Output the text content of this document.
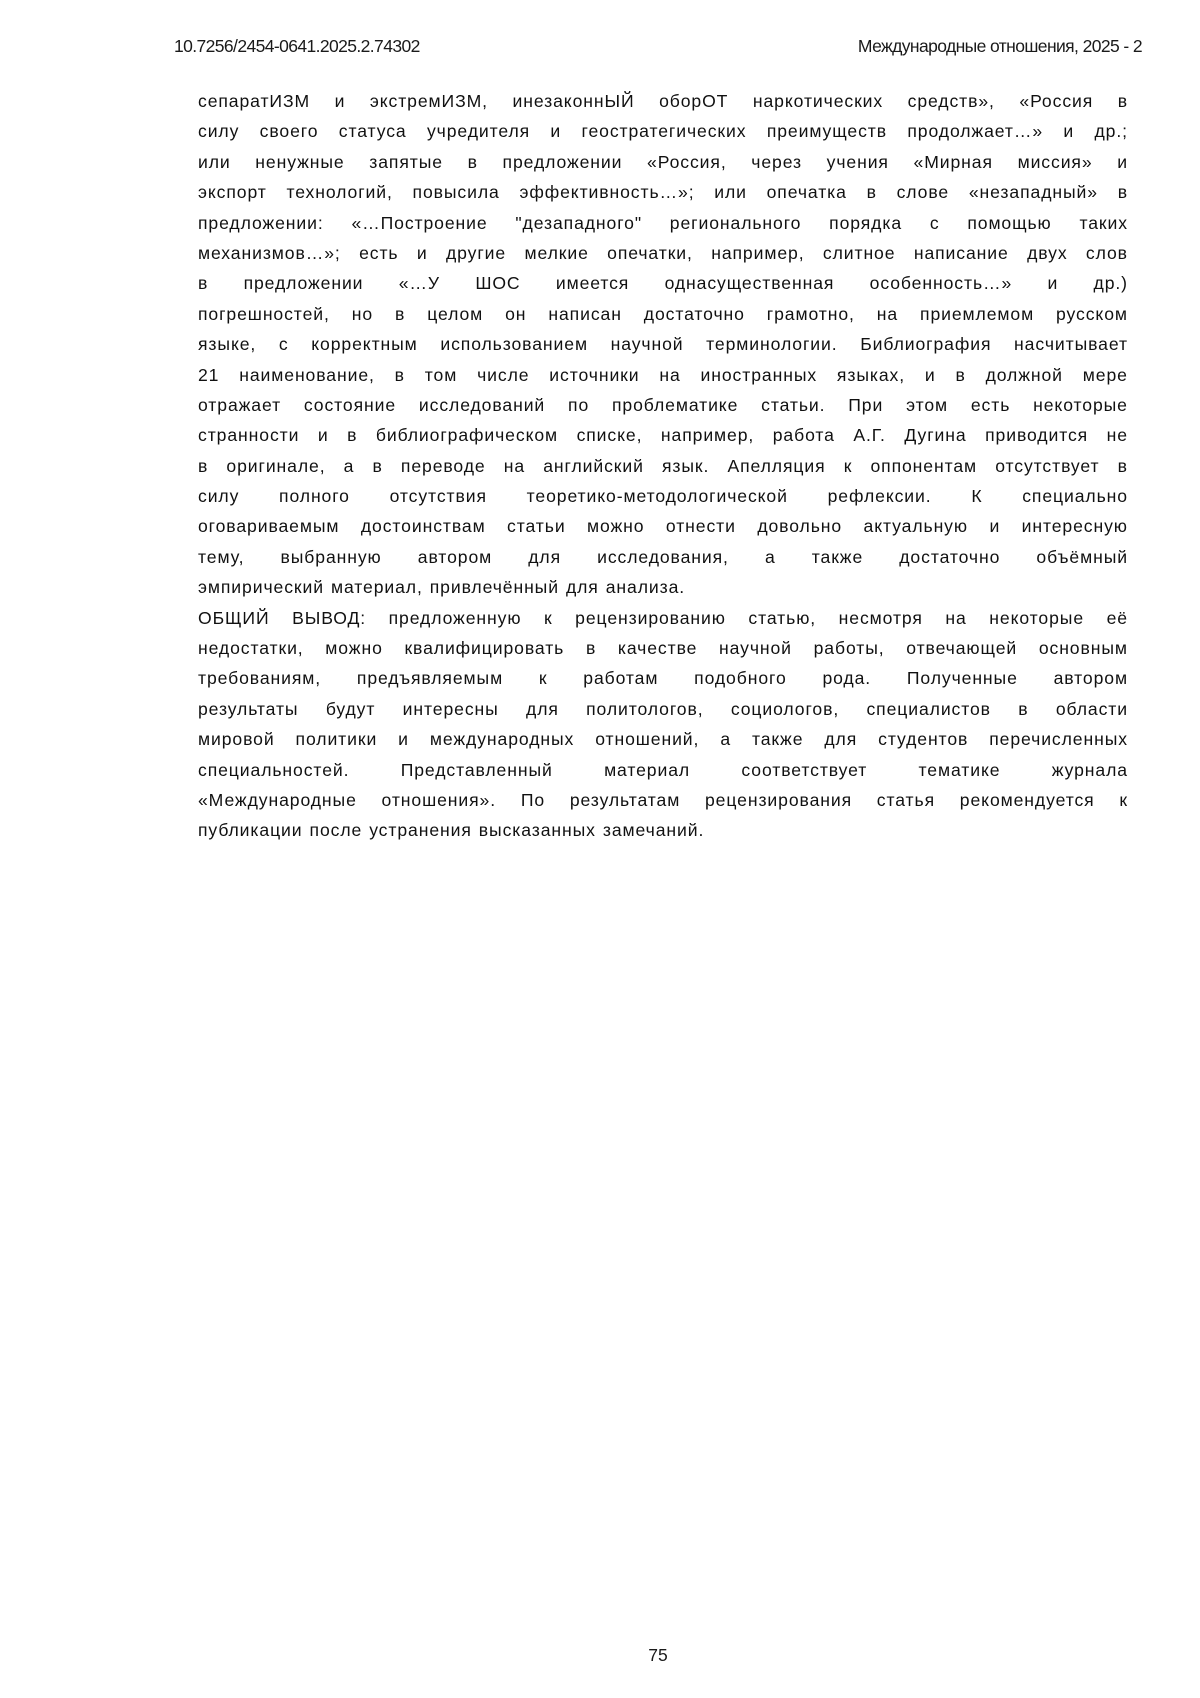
10.7256/2454-0641.2025.2.74302	Международные отношения, 2025 - 2
сепаратИЗМ и экстремИЗМ, инезаконнЫЙ оборОТ наркотических средств», «Россия в
силу своего статуса учредителя и геостратегических преимуществ продолжает…» и др.;
или ненужные запятые в предложении «Россия, через учения «Мирная миссия» и
экспорт технологий, повысила эффективность…»; или опечатка в слове «незападный» в
предложении: «…Построение "дезападного" регионального порядка с помощью таких
механизмов…»; есть и другие мелкие опечатки, например, слитное написание двух слов
в предложении «…У ШОС имеется однасущественная особенность…» и др.)
погрешностей, но в целом он написан достаточно грамотно, на приемлемом русском
языке, с корректным использованием научной терминологии. Библиография насчитывает
21 наименование, в том числе источники на иностранных языках, и в должной мере
отражает состояние исследований по проблематике статьи. При этом есть некоторые
странности и в библиографическом списке, например, работа А.Г. Дугина приводится не
в оригинале, а в переводе на английский язык. Апелляция к оппонентам отсутствует в
силу полного отсутствия теоретико-методологической рефлексии. К специально
оговариваемым достоинствам статьи можно отнести довольно актуальную и интересную
тему, выбранную автором для исследования, а также достаточно объёмный
эмпирический материал, привлечённый для анализа.
ОБЩИЙ ВЫВОД: предложенную к рецензированию статью, несмотря на некоторые её
недостатки, можно квалифицировать в качестве научной работы, отвечающей основным
требованиям, предъявляемым к работам подобного рода. Полученные автором
результаты будут интересны для политологов, социологов, специалистов в области
мировой политики и международных отношений, а также для студентов перечисленных
специальностей.	Представленный	материал	соответствует	тематике	журнала
«Международные отношения». По результатам рецензирования статья рекомендуется к
публикации после устранения высказанных замечаний.
75
